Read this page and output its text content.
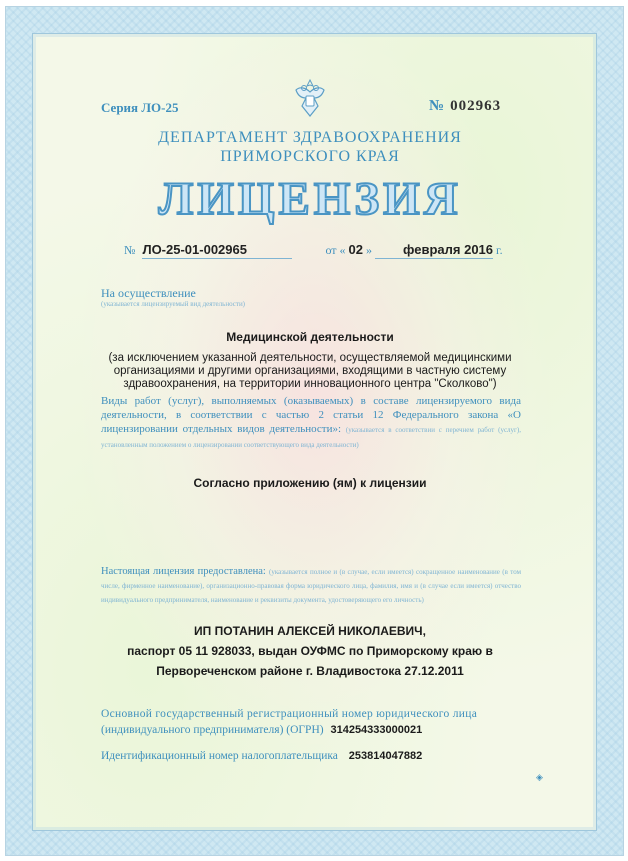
Серия ЛО-25	№ 002963
ДЕПАРТАМЕНТ ЗДРАВООХРАНЕНИЯ ПРИМОРСКОГО КРАЯ
ЛИЦЕНЗИЯ
№ ЛО-25-01-002965	от « 02 » февраля 2016 г.
На осуществление
(указывается лицензируемый вид деятельности)
Медицинской деятельности
(за исключением указанной деятельности, осуществляемой медицинскими организациями и другими организациями, входящими в частную систему здравоохранения, на территории инновационного центра "Сколково")
Виды работ (услуг), выполняемых (оказываемых) в составе лицензируемого вида деятельности, в соответствии с частью 2 статьи 12 Федерального закона «О лицензировании отдельных видов деятельности»: (указывается в соответствии с перечнем работ (услуг), установленным положением о лицензировании соответствующего вида деятельности)
Согласно приложению (ям) к лицензии
Настоящая лицензия предоставлена: (указывается полное и (в случае, если имеется) сокращенное наименование (в том числе, фирменное наименование), организационно-правовая форма юридического лица, фамилия, имя и (в случае если имеется) отчество индивидуального предпринимателя, наименование и реквизиты документа, удостоверяющего его личность)
ИП ПОТАНИН АЛЕКСЕЙ НИКОЛАЕВИЧ,
паспорт 05 11 928033, выдан ОУФМС по Приморскому краю в
Первореченском районе г. Владивостока 27.12.2011
Основной государственный регистрационный номер юридического лица
(индивидуального предпринимателя) (ОГРН) 314254333000021
Идентификационный номер налогоплательщика 253814047882
◈
